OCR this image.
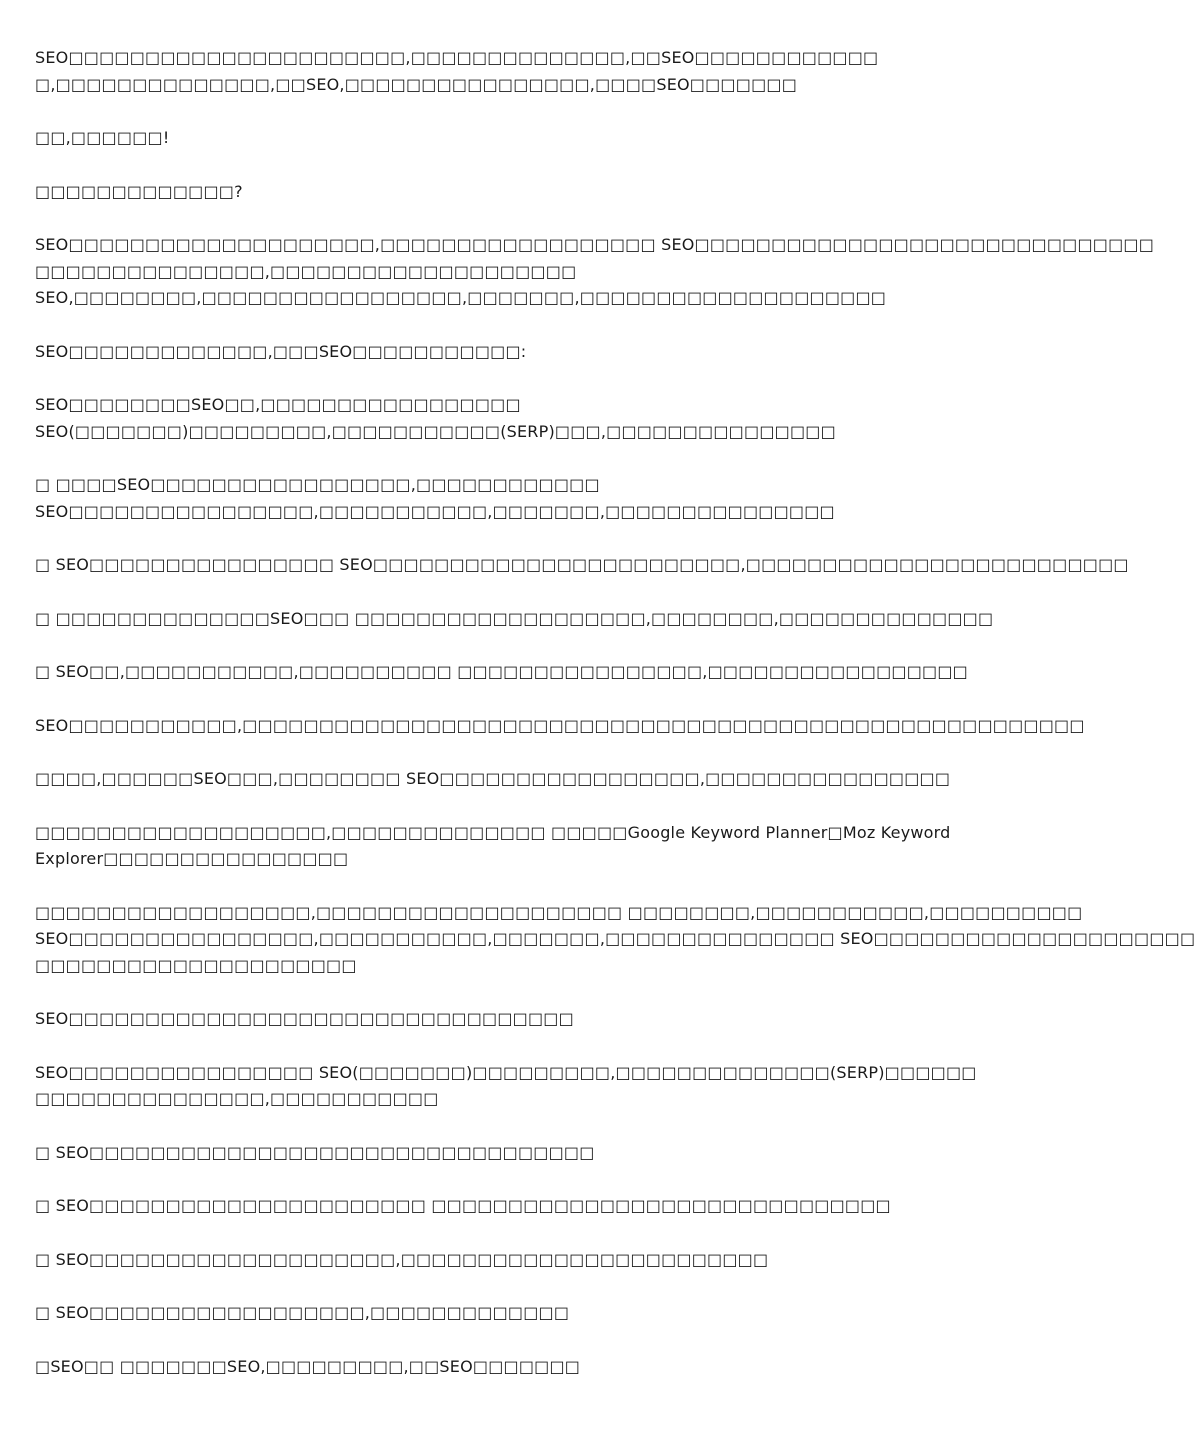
SEO□□□□□□□□□□□□□□□□□□□□□□,□□□□□□□□□□□□□□,□□SEO□□□□□□□□□□□□
□,□□□□□□□□□□□□□□,□□SEO,□□□□□□□□□□□□□□□□,□□□□SEO□□□□□□□

□□,□□□□□□!

□□□□□□□□□□□□□?

SEO□□□□□□□□□□□□□□□□□□□□,□□□□□□□□□□□□□□□□□□ SEO□□□□□□□□□□□□□□□□□□□□□□□□□□□□□□
□□□□□□□□□□□□□□□,□□□□□□□□□□□□□□□□□□□□
SEO,□□□□□□□□,□□□□□□□□□□□□□□□□□,□□□□□□□,□□□□□□□□□□□□□□□□□□□□

SEO□□□□□□□□□□□□□,□□□SEO□□□□□□□□□□□:

SEO□□□□□□□□SEO□□,□□□□□□□□□□□□□□□□□
SEO(□□□□□□□)□□□□□□□□□,□□□□□□□□□□□(SERP)□□□,□□□□□□□□□□□□□□□

□ □□□□SEO□□□□□□□□□□□□□□□□□,□□□□□□□□□□□□
SEO□□□□□□□□□□□□□□□□,□□□□□□□□□□□,□□□□□□□,□□□□□□□□□□□□□□□

□ SEO□□□□□□□□□□□□□□□□ SEO□□□□□□□□□□□□□□□□□□□□□□□□,□□□□□□□□□□□□□□□□□□□□□□□□□

□ □□□□□□□□□□□□□□SEO□□□ □□□□□□□□□□□□□□□□□□□,□□□□□□□□,□□□□□□□□□□□□□□

□ SEO□□,□□□□□□□□□□□,□□□□□□□□□□ □□□□□□□□□□□□□□□□,□□□□□□□□□□□□□□□□□

SEO□□□□□□□□□□□,□□□□□□□□□□□□□□□□□□□□□□□□□□□□□□□□□□□□□□□□□□□□□□□□□□□□□□□

□□□□,□□□□□□SEO□□□,□□□□□□□□ SEO□□□□□□□□□□□□□□□□□,□□□□□□□□□□□□□□□□

□□□□□□□□□□□□□□□□□□□,□□□□□□□□□□□□□□ □□□□□Google Keyword Planner□Moz Keyword
Explorer□□□□□□□□□□□□□□□□

□□□□□□□□□□□□□□□□□□,□□□□□□□□□□□□□□□□□□□□ □□□□□□□□,□□□□□□□□□□□,□□□□□□□□□□
SEO□□□□□□□□□□□□□□□□,□□□□□□□□□□□,□□□□□□□,□□□□□□□□□□□□□□□ SEO□□□□□□□□□□□□□□□□□□□□□
□□□□□□□□□□□□□□□□□□□□□

SEO□□□□□□□□□□□□□□□□□□□□□□□□□□□□□□□□□

SEO□□□□□□□□□□□□□□□□ SEO(□□□□□□□)□□□□□□□□□,□□□□□□□□□□□□□□(SERP)□□□□□□
□□□□□□□□□□□□□□□,□□□□□□□□□□□

□ SEO□□□□□□□□□□□□□□□□□□□□□□□□□□□□□□□□□

□ SEO□□□□□□□□□□□□□□□□□□□□□□ □□□□□□□□□□□□□□□□□□□□□□□□□□□□□□

□ SEO□□□□□□□□□□□□□□□□□□□□,□□□□□□□□□□□□□□□□□□□□□□□□

□ SEO□□□□□□□□□□□□□□□□□□,□□□□□□□□□□□□□

□SEO□□ □□□□□□□SEO,□□□□□□□□□,□□SEO□□□□□□□
